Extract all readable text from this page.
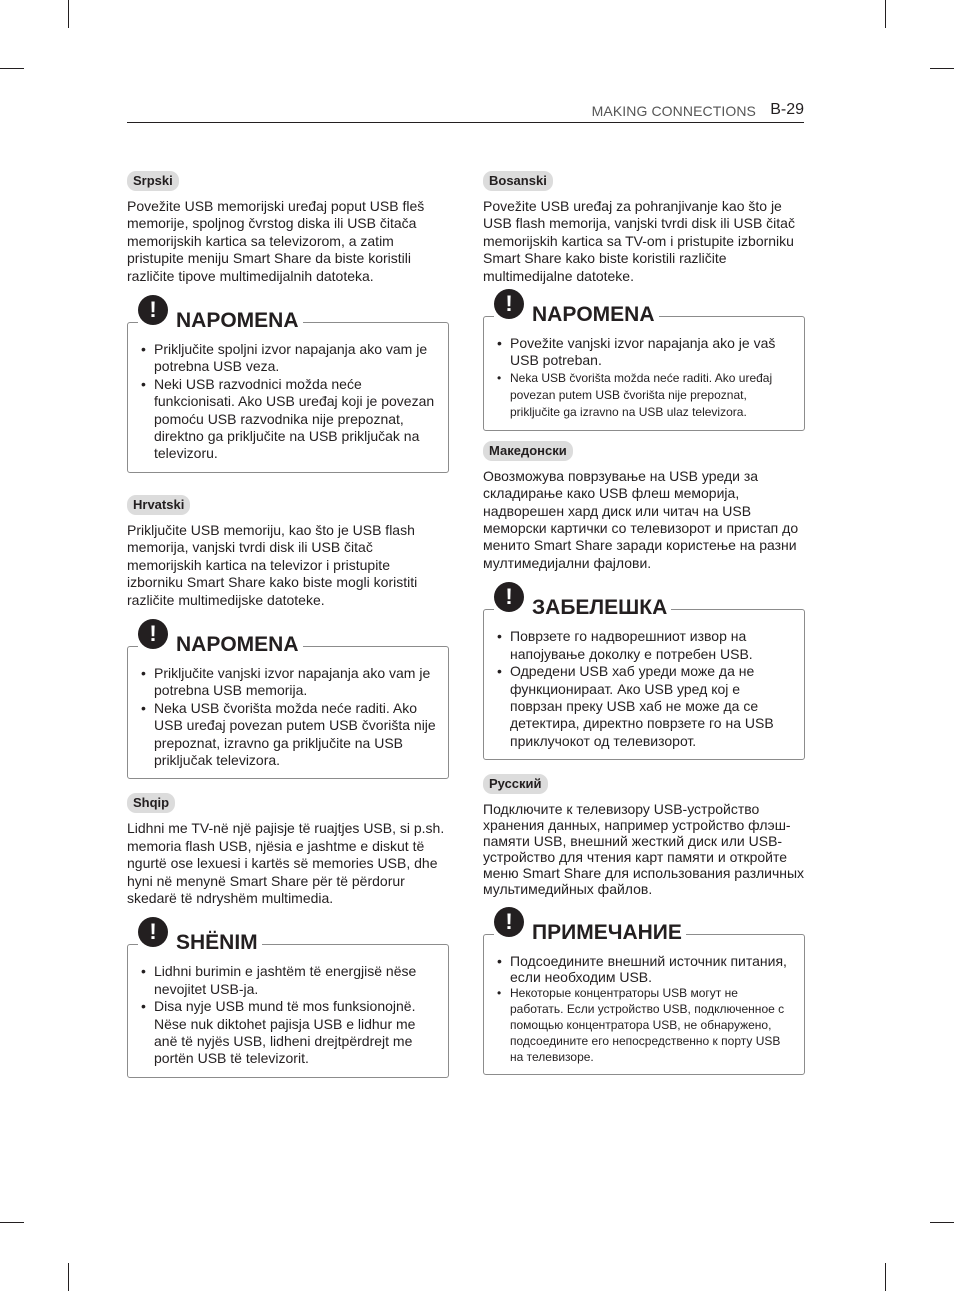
MAKING CONNECTIONS B-29
Srpski

Povežite USB memorijski uređaj poput USB fleš memorije, spoljnog čvrstog diska ili USB čitača memorijskih kartica sa televizorom, a zatim pristupite meniju Smart Share da biste koristili različite tipove multimedijalnih datoteka.

! NAPOMENA
• Priključite spoljni izvor napajanja ako vam je potrebna USB veza.
• Neki USB razvodnici možda neće funkcionisati. Ako USB uređaj koji je povezan pomoću USB razvodnika nije prepoznat, direktno ga priključite na USB priključak na televizoru.
Hrvatski

Priključite USB memoriju, kao što je USB flash memorija, vanjski tvrdi disk ili USB čitač memorijskih kartica na televizor i pristupite izborniku Smart Share kako biste mogli koristiti različite multimedijske datoteke.

! NAPOMENA
• Priključite vanjski izvor napajanja ako vam je potrebna USB memorija.
• Neka USB čvorišta možda neće raditi. Ako USB uređaj povezan putem USB čvorišta nije prepoznat, izravno ga priključite na USB priključak televizora.
Shqip

Lidhni me TV-në një pajisje të ruajtjes USB, si p.sh. memoria flash USB, njësia e jashtme e diskut të ngurtë ose lexuesi i kartës së memories USB, dhe hyni në menynë Smart Share për të përdorur skedarë të ndryshëm multimedia.

! SHËNIM
• Lidhni burimin e jashtëm të energjisë nëse nevojitet USB-ja.
• Disa nyje USB mund të mos funksionojnë. Nëse nuk diktohet pajisja USB e lidhur me anë të nyjës USB, lidheni drejtpërdrejt me portën USB të televizorit.
Bosanski

Povežite USB uređaj za pohranjivanje kao što je USB flash memorija, vanjski tvrdi disk ili USB čitač memorijskih kartica sa TV-om i pristupite izborniku Smart Share kako biste koristili različite multimedijalne datoteke.

! NAPOMENA
• Povežite vanjski izvor napajanja ako je vaš USB potreban.
• Neka USB čvorišta možda neće raditi. Ako uređaj povezan putem USB čvorišta nije prepoznat, priključite ga izravno na USB ulaz televizora.
Македонски

Овозможува поврзување на USB уреди за складирање како USB флеш меморија, надворешен хард диск или читач на USB меморски картички со телевизорот и пристап до менито Smart Share заради користење на разни мултимедијални фајлови.

! ЗАБЕЛЕШКА
• Поврзете го надворешниот извор на напојување доколку е потребен USB.
• Одредени USB хаб уреди може да не функционираат. Ако USB уред кој е поврзан преку USB хаб не може да се детектира, директно поврзете го на USB приклучокот од телевизорот.
Русский

Подключите к телевизору USB-устройство хранения данных, например устройство флэш-памяти USB, внешний жесткий диск или USB-устройство для чтения карт памяти и откройте меню Smart Share для использования различных мультимедийных файлов.

! ПРИМЕЧАНИЕ
• Подсоедините внешний источник питания, если необходим USB.
• Некоторые концентраторы USB могут не работать. Если устройство USB, подключенное с помощью концентратора USB, не обнаружено, подсоедините его непосредственно к порту USB на телевизоре.
